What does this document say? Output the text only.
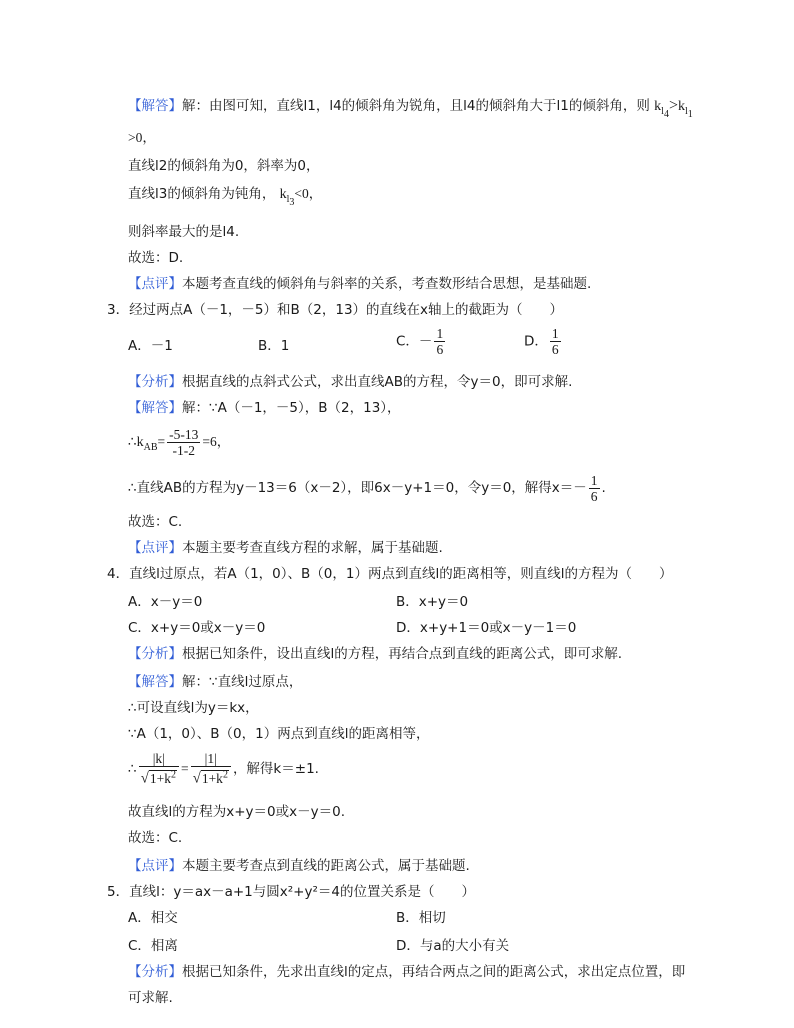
【解答】解：由图可知，直线l1，l4的倾斜角为锐角，且l4的倾斜角大于l1的倾斜角，则 $k_{l_4}>k_{l_1}$
>0，
直线l2的倾斜角为0，斜率为0，
直线l3的倾斜角为钝角， $k_{l_3}<0$，
则斜率最大的是l4.
故选：D.
【点评】本题考查直线的倾斜角与斜率的关系，考查数形结合思想，是基础题.
3．经过两点A（－1，－5）和B（2，13）的直线在x轴上的截距为（　　）
A．－1	B．1	C．－ $\frac{1}{6}$	D． $\frac{1}{6}$
【分析】根据直线的点斜式公式，求出直线AB的方程，令y＝0，即可求解.
【解答】解：∵A（－1，－5），B（2，13），
$\therefore k_{AB}= \frac{-5-13}{-1-2} =6$，
∴直线AB的方程为y－13＝6（x－2），即6x－y+1＝0，令y＝0，解得$x=- \frac{1}{6}$ .
故选：C.
【点评】本题主要考查直线方程的求解，属于基础题.
4．直线l过原点，若A（1，0）、B（0，1）两点到直线l的距离相等，则直线l的方程为（　　）
A．x－y＝0	B．x+y＝0
C．x+y＝0或x－y＝0	D．x+y+1＝0或x－y－1＝0
【分析】根据已知条件，设出直线l的方程，再结合点到直线的距离公式，即可求解.
【解答】解：∵直线l过原点，
∴可设直线l为y＝kx，
∵A（1，0）、B（0，1）两点到直线l的距离相等，
∴ $\frac{|k|}{√1+k^2} = \frac{|1|}{√1+k^2}$ ，解得k＝±1.
故直线l的方程为x+y＝0或x－y＝0.
故选：C.
【点评】本题主要考查点到直线的距离公式，属于基础题.
5．直线l：y＝ax－a+1与圆x²+y²＝4的位置关系是（　　）
A．相交	B．相切
C．相离	D．与a的大小有关
【分析】根据已知条件，先求出直线l的定点，再结合两点之间的距离公式，求出定点位置，即
可求解.
